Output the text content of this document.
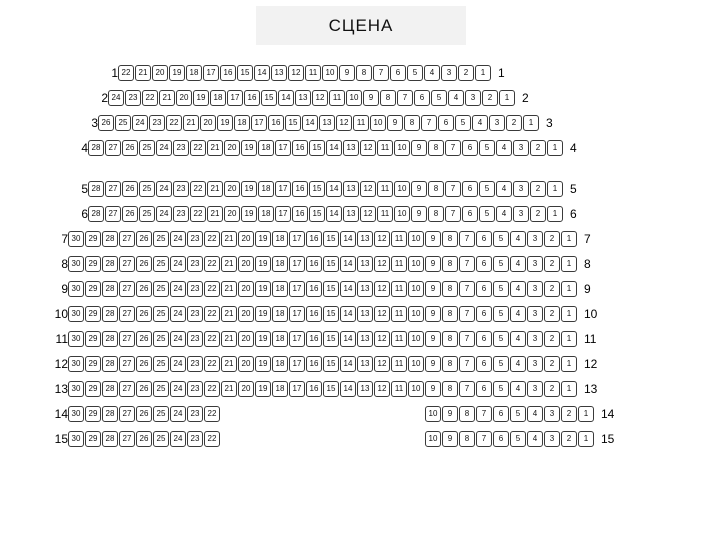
СЦЕНА
1 22	21	20	19	18	17	16	15	14	13	12	11	10	9	8	7	6	5	4	3	2	1	1
2 24	23	22	21	20	19	18	17	16	15	14	13	12	11	10	9	8	7	6	5	4	3	2	1	2
3 26	25	24	23	22	21	20	19	18	17	16	15	14	13	12	11	10	9	8	7	6	5	4	3	2	1	3
4 28	27	26	25	24	23	22	21	20	19	18	17	16	15	14	13	12	11	10	9	8	7	6	5	4	3	2	1	4
5 28	27	26	25	24	23	22	21	20	19	18	17	16	15	14	13	12	11	10	9	8	7	6	5	4	3	2	1	5
6 28	27	26	25	24	23	22	21	20	19	18	17	16	15	14	13	12	11	10	9	8	7	6	5	4	3	2	1	6
7 30	29	28	27	26	25	24	23	22	21	20	19	18	17	16	15	14	13	12	11	10	9	8	7	6	5	4	3	2	1	7
8 30	29	28	27	26	25	24	23	22	21	20	19	18	17	16	15	14	13	12	11	10	9	8	7	6	5	4	3	2	1	8
9 30	29	28	27	26	25	24	23	22	21	20	19	18	17	16	15	14	13	12	11	10	9	8	7	6	5	4	3	2	1	9
10 30	29	28	27	26	25	24	23	22	21	20	19	18	17	16	15	14	13	12	11	10	9	8	7	6	5	4	3	2	1	10
11 30	29	28	27	26	25	24	23	22	21	20	19	18	17	16	15	14	13	12	11	10	9	8	7	6	5	4	3	2	1	11
12 30	29	28	27	26	25	24	23	22	21	20	19	18	17	16	15	14	13	12	11	10	9	8	7	6	5	4	3	2	1	12
13 30	29	28	27	26	25	24	23	22	21	20	19	18	17	16	15	14	13	12	11	10	9	8	7	6	5	4	3	2	1	13
14 30	29	28	27	26	25	24	23	22	10	9	8	7	6	5	4	3	2	1	14
15 30	29	28	27	26	25	24	23	22	10	9	8	7	6	5	4	3	2	1	15
